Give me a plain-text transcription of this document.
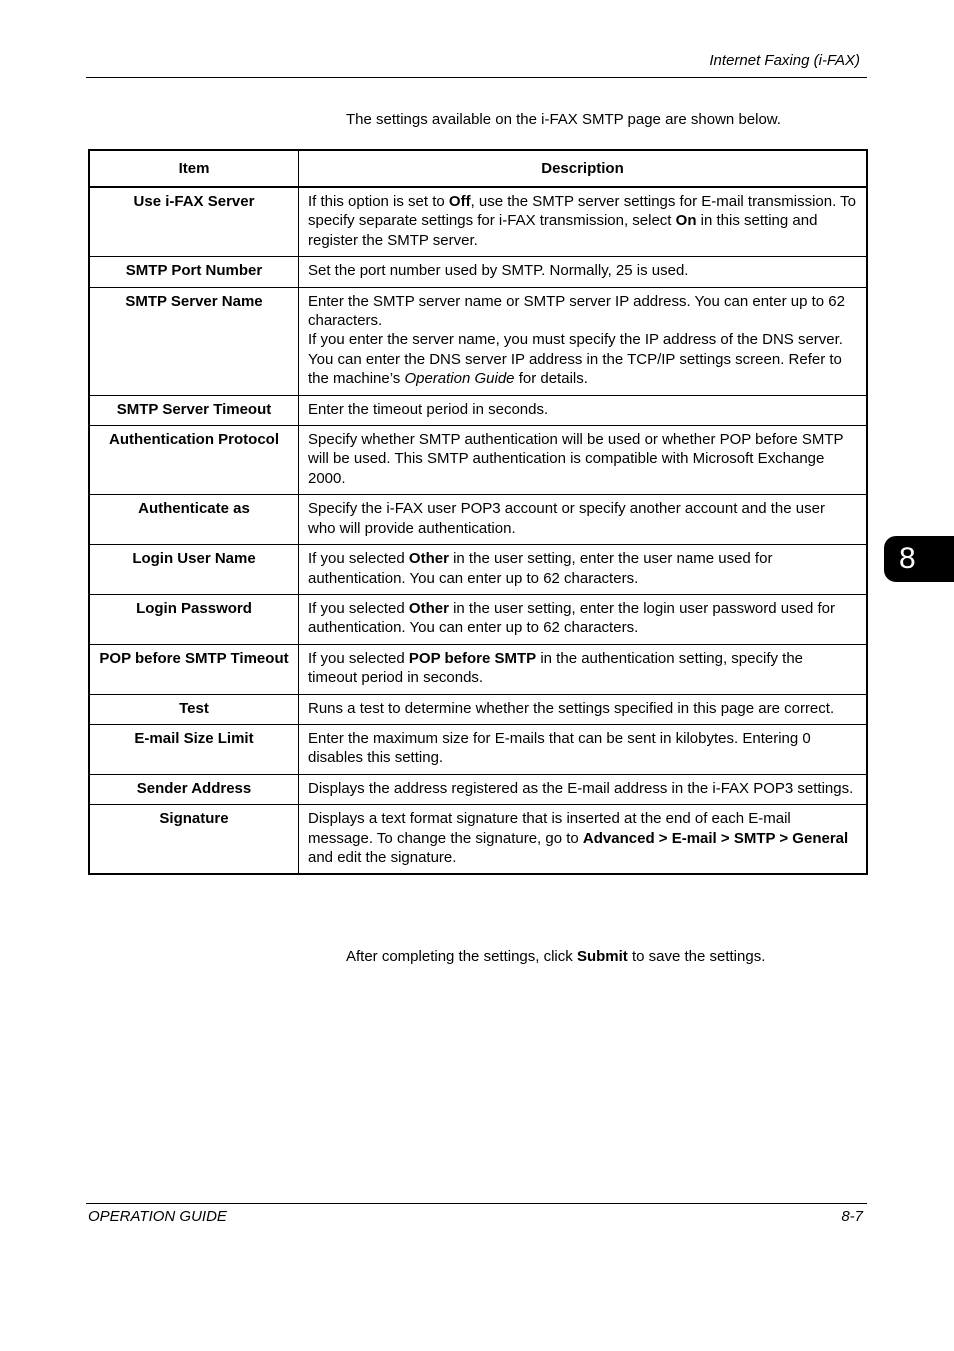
Internet Faxing (i-FAX)
The settings available on the i-FAX SMTP page are shown below.
Item	Description
Use i-FAX Server	If this option is set to Off, use the SMTP server settings for E-mail transmission. To specify separate settings for i-FAX transmission, select On in this setting and register the SMTP server.
SMTP Port Number	Set the port number used by SMTP. Normally, 25 is used.
SMTP Server Name	Enter the SMTP server name or SMTP server IP address. You can enter up to 62 characters.
If you enter the server name, you must specify the IP address of the DNS server. You can enter the DNS server IP address in the TCP/IP settings screen. Refer to the machine’s Operation Guide for details.
SMTP Server Timeout	Enter the timeout period in seconds.
Authentication Protocol	Specify whether SMTP authentication will be used or whether POP before SMTP will be used. This SMTP authentication is compatible with Microsoft Exchange 2000.
Authenticate as	Specify the i-FAX user POP3 account or specify another account and the user who will provide authentication.
Login User Name	If you selected Other in the user setting, enter the user name used for authentication. You can enter up to 62 characters.
Login Password	If you selected Other in the user setting, enter the login user password used for authentication. You can enter up to 62 characters.
POP before SMTP Timeout	If you selected POP before SMTP in the authentication setting, specify the timeout period in seconds.
Test	Runs a test to determine whether the settings specified in this page are correct.
E-mail Size Limit	Enter the maximum size for E-mails that can be sent in kilobytes. Entering 0 disables this setting.
Sender Address	Displays the address registered as the E-mail address in the i-FAX POP3 settings.
Signature	Displays a text format signature that is inserted at the end of each E-mail message. To change the signature, go to Advanced > E-mail > SMTP > General and edit the signature.
After completing the settings, click Submit to save the settings.
8
OPERATION GUIDE	8-7
